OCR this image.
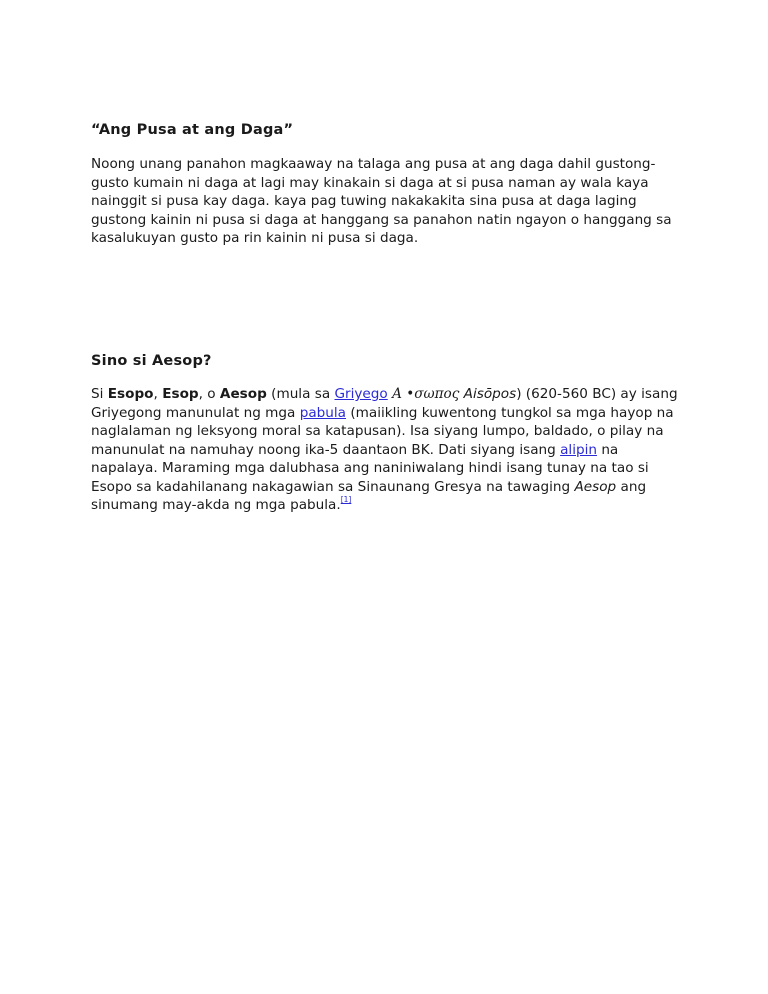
“Ang Pusa at ang Daga”

Noong unang panahon magkaaway na talaga ang pusa at ang daga dahil gustong-
gusto kumain ni daga at lagi may kinakain si daga at si pusa naman ay wala kaya
nainggit si pusa kay daga. kaya pag tuwing nakakakita sina pusa at daga laging
gustong kainin ni pusa si daga at hanggang sa panahon natin ngayon o hanggang sa
kasalukuyan gusto pa rin kainin ni pusa si daga.

Sino si Aesop?

Si Esopo, Esop, o Aesop (mula sa Griyego Α •σωπος Aisōpos) (620-560 BC) ay isang
Griyegong manunulat ng mga pabula (maiikling kuwentong tungkol sa mga hayop na
naglalaman ng leksyong moral sa katapusan). Isa siyang lumpo, baldado, o pilay na
manunulat na namuhay noong ika-5 daantaon BK. Dati siyang isang alipin na
napalaya. Maraming mga dalubhasa ang naniniwalang hindi isang tunay na tao si
Esopo sa kadahilanang nakagawian sa Sinaunang Gresya na tawaging Aesop ang
sinumang may-akda ng mga pabula.[1]
